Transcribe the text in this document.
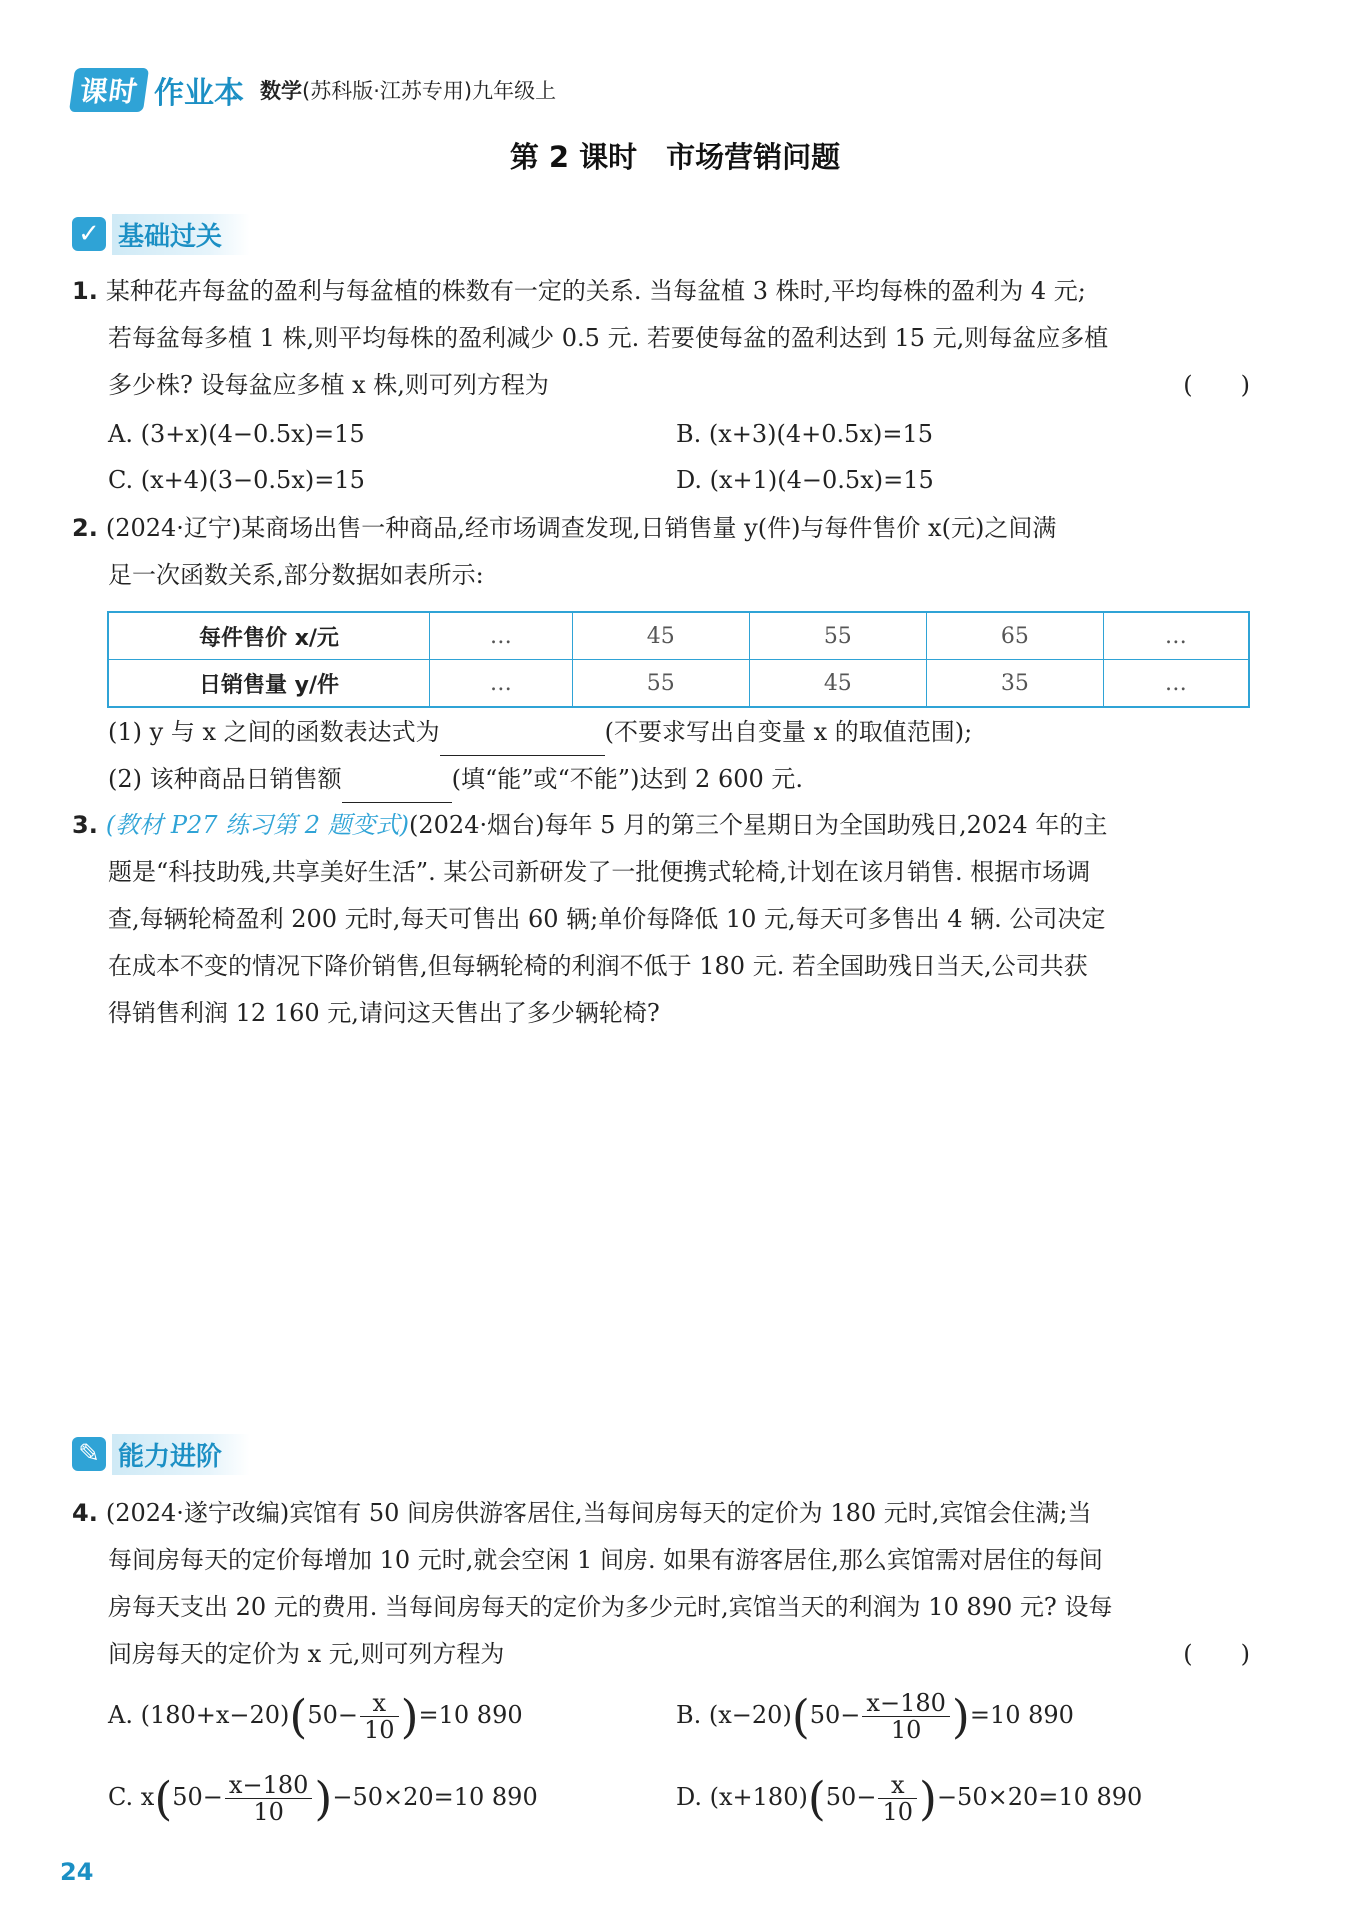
课时 作业本 数学(苏科版·江苏专用)九年级上
第 2 课时　市场营销问题
✓ 基础过关
1. 某种花卉每盆的盈利与每盆植的株数有一定的关系. 当每盆植 3 株时,平均每株的盈利为 4 元;
若每盆每多植 1 株,则平均每株的盈利减少 0.5 元. 若要使每盆的盈利达到 15 元,则每盆应多植
多少株? 设每盆应多植 x 株,则可列方程为	(　　)
A. (3+x)(4−0.5x)=15	B. (x+3)(4+0.5x)=15
C. (x+4)(3−0.5x)=15	D. (x+1)(4−0.5x)=15
2. (2024·辽宁)某商场出售一种商品,经市场调查发现,日销售量 y(件)与每件售价 x(元)之间满
足一次函数关系,部分数据如表所示:
每件售价 x/元	…	45	55	65	…
日销售量 y/件	…	55	45	35	…
(1) y 与 x 之间的函数表达式为	(不要求写出自变量 x 的取值范围);
(2) 该种商品日销售额	(填“能”或“不能”)达到 2 600 元.
3. (教材 P27 练习第 2 题变式)(2024·烟台)每年 5 月的第三个星期日为全国助残日,2024 年的主
题是“科技助残,共享美好生活”. 某公司新研发了一批便携式轮椅,计划在该月销售. 根据市场调
查,每辆轮椅盈利 200 元时,每天可售出 60 辆;单价每降低 10 元,每天可多售出 4 辆. 公司决定
在成本不变的情况下降价销售,但每辆轮椅的利润不低于 180 元. 若全国助残日当天,公司共获
得销售利润 12 160 元,请问这天售出了多少辆轮椅?
✎ 能力进阶
4. (2024·遂宁改编)宾馆有 50 间房供游客居住,当每间房每天的定价为 180 元时,宾馆会住满;当
每间房每天的定价每增加 10 元时,就会空闲 1 间房. 如果有游客居住,那么宾馆需对居住的每间
房每天支出 20 元的费用. 当每间房每天的定价为多少元时,宾馆当天的利润为 10 890 元? 设每
间房每天的定价为 x 元,则可列方程为	(　　)
A. $(180+x-20)(50- \frac{x}{10} )=10$ 890	B. $(x-20)(50- \frac{x-180}{10} )=10$ 890
C. $x(50- \frac{x-180}{10} )-50\times 20=10$ 890	D. $(x+180)(50- \frac{x}{10} )-50\times 20=10$ 890
24
